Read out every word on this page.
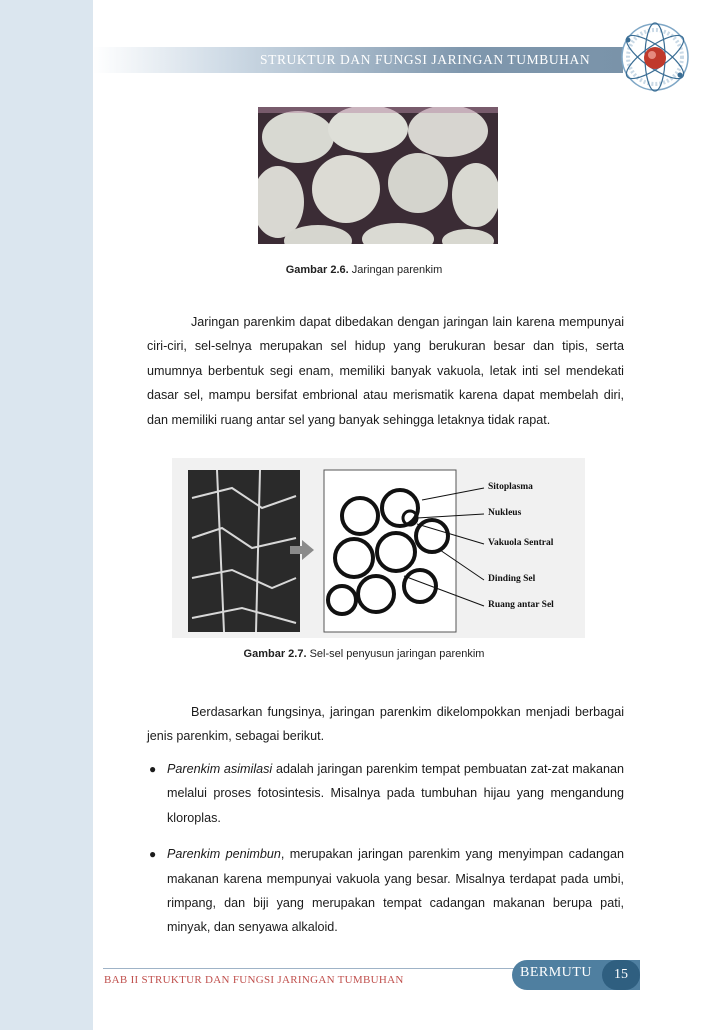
STRUKTUR DAN FUNGSI JARINGAN TUMBUHAN
Gambar 2.6. Jaringan parenkim
Jaringan parenkim dapat dibedakan dengan jaringan lain karena mempunyai ciri-ciri, sel-selnya merupakan sel hidup yang berukuran besar dan tipis, serta umumnya berbentuk segi enam, memiliki banyak vakuola, letak inti sel mendekati dasar sel, mampu bersifat embrional atau merismatik karena dapat membelah diri, dan memiliki ruang antar sel yang banyak sehingga letaknya tidak rapat.
Sitoplasma
Nukleus
Vakuola Sentral
Dinding Sel
Ruang antar Sel
Gambar 2.7. Sel-sel penyusun jaringan parenkim
Berdasarkan fungsinya, jaringan parenkim dikelompokkan menjadi berbagai jenis parenkim, sebagai berikut.
● Parenkim asimilasi adalah jaringan parenkim tempat pembuatan zat-zat makanan melalui proses fotosintesis. Misalnya pada tumbuhan hijau yang mengandung kloroplas.
● Parenkim penimbun, merupakan jaringan parenkim yang menyimpan cadangan makanan karena mempunyai vakuola yang besar. Misalnya terdapat pada umbi, rimpang, dan biji yang merupakan tempat cadangan makanan berupa pati, minyak, dan senyawa alkaloid.
BAB II STRUKTUR DAN FUNGSI JARINGAN TUMBUHAN	BERMUTU	15
